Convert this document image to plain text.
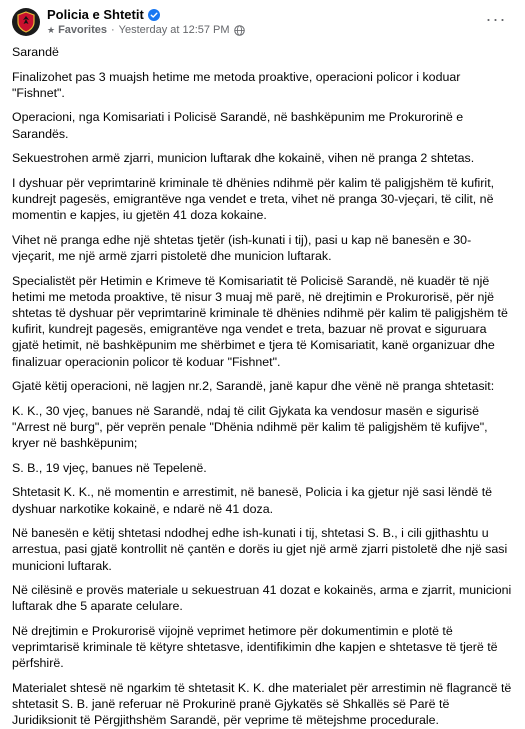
Policia e Shtetit
★ Favorites · Yesterday at 12:57 PM
···

Sarandë

Finalizohet pas 3 muajsh hetime me metoda proaktive, operacioni policor i koduar "Fishnet".

Operacioni, nga Komisariati i Policisë Sarandë, në bashkëpunim me Prokurorinë e Sarandës.

Sekuestrohen armë zjarri, municion luftarak dhe kokainë, vihen në pranga 2 shtetas.

I dyshuar për veprimtarinë kriminale të dhënies ndihmë për kalim të paligjshëm të kufirit, kundrejt pagesës, emigrantëve nga vendet e treta, vihet në pranga 30-vjeçari, të cilit, në momentin e kapjes, iu gjetën 41 doza kokaine.

Vihet në pranga edhe një shtetas tjetër (ish-kunati i tij), pasi u kap në banesën e 30-vjeçarit, me një armë zjarri pistoletë dhe municion luftarak.

Specialistët për Hetimin e Krimeve të Komisariatit të Policisë Sarandë, në kuadër të një hetimi me metoda proaktive, të nisur 3 muaj më parë, në drejtimin e Prokurorisë, për një shtetas të dyshuar për veprimtarinë kriminale të dhënies ndihmë për kalim të paligjshëm të kufirit, kundrejt pagesës, emigrantëve nga vendet e treta, bazuar në provat e siguruara gjatë hetimit, në bashkëpunim me shërbimet e tjera të Komisariatit, kanë organizuar dhe finalizuar operacionin policor të koduar "Fishnet".

Gjatë këtij operacioni, në lagjen nr.2, Sarandë, janë kapur dhe vënë në pranga shtetasit:

K. K., 30 vjeç, banues në Sarandë, ndaj të cilit Gjykata ka vendosur masën e sigurisë "Arrest në burg", për veprën penale "Dhënia ndihmë për kalim të paligjshëm të kufijve", kryer në bashkëpunim;

S. B., 19 vjeç, banues në Tepelenë.

Shtetasit K. K., në momentin e arrestimit, në banesë, Policia i ka gjetur një sasi lëndë të dyshuar narkotike kokainë, e ndarë në 41 doza.

Në banesën e këtij shtetasi ndodhej edhe ish-kunati i tij, shtetasi S. B., i cili gjithashtu u arrestua, pasi gjatë kontrollit në çantën e dorës iu gjet një armë zjarri pistoletë dhe një sasi municioni luftarak.

Në cilësinë e provës materiale u sekuestruan 41 dozat e kokainës, arma e zjarrit, municioni luftarak dhe 5 aparate celulare.

Në drejtimin e Prokurorisë vijojnë veprimet hetimore për dokumentimin e plotë të veprimtarisë kriminale të këtyre shtetasve, identifikimin dhe kapjen e shtetasve të tjerë të përfshirë.

Materialet shtesë në ngarkim të shtetasit K. K. dhe materialet për arrestimin në flagrancë të shtetasit S. B. janë referuar në Prokurinë pranë Gjykatës së Shkallës së Parë të Juridiksionit të Përgjithshëm Sarandë, për veprime të mëtejshme procedurale.
